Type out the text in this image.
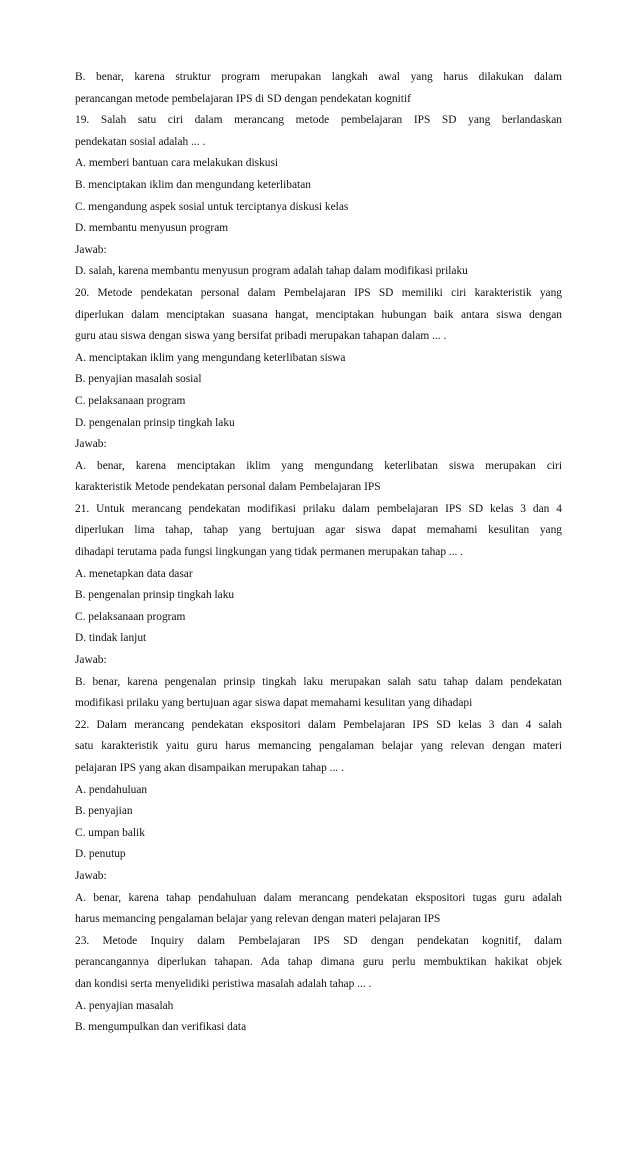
B. benar, karena struktur program merupakan langkah awal yang harus dilakukan dalam
perancangan metode pembelajaran IPS di SD dengan pendekatan kognitif
19. Salah satu ciri dalam merancang metode pembelajaran IPS SD yang berlandaskan
pendekatan sosial adalah ... .
A. memberi bantuan cara melakukan diskusi
B. menciptakan iklim dan mengundang keterlibatan
C. mengandung aspek sosial untuk terciptanya diskusi kelas
D. membantu menyusun program
Jawab:
D. salah, karena membantu menyusun program adalah tahap dalam modifikasi prilaku
20. Metode pendekatan personal dalam Pembelajaran IPS SD memiliki ciri karakteristik yang
diperlukan dalam menciptakan suasana hangat, menciptakan hubungan baik antara siswa dengan
guru atau siswa dengan siswa yang bersifat pribadi merupakan tahapan dalam ... .
A. menciptakan iklim yang mengundang keterlibatan siswa
B. penyajian masalah sosial
C. pelaksanaan program
D. pengenalan prinsip tingkah laku
Jawab:
A. benar, karena menciptakan iklim yang mengundang keterlibatan siswa merupakan ciri
karakteristik Metode pendekatan personal dalam Pembelajaran IPS
21. Untuk merancang pendekatan modifikasi prilaku dalam pembelajaran IPS SD kelas 3 dan 4
diperlukan lima tahap, tahap yang bertujuan agar siswa dapat memahami kesulitan yang
dihadapi terutama pada fungsi lingkungan yang tidak permanen merupakan tahap ... .
A. menetapkan data dasar
B. pengenalan prinsip tingkah laku
C. pelaksanaan program
D. tindak lanjut
Jawab:
B. benar, karena pengenalan prinsip tingkah laku merupakan salah satu tahap dalam pendekatan
modifikasi prilaku yang bertujuan agar siswa dapat memahami kesulitan yang dihadapi
22. Dalam merancang pendekatan ekspositori dalam Pembelajaran IPS SD kelas 3 dan 4 salah
satu karakteristik yaitu guru harus memancing pengalaman belajar yang relevan dengan materi
pelajaran IPS yang akan disampaikan merupakan tahap ... .
A. pendahuluan
B. penyajian
C. umpan balik
D. penutup
Jawab:
A. benar, karena tahap pendahuluan dalam merancang pendekatan ekspositori tugas guru adalah
harus memancing pengalaman belajar yang relevan dengan materi pelajaran IPS
23. Metode Inquiry dalam Pembelajaran IPS SD dengan pendekatan kognitif, dalam
perancangannya diperlukan tahapan. Ada tahap dimana guru perlu membuktikan hakikat objek
dan kondisi serta menyelidiki peristiwa masalah adalah tahap ... .
A. penyajian masalah
B. mengumpulkan dan verifikasi data
